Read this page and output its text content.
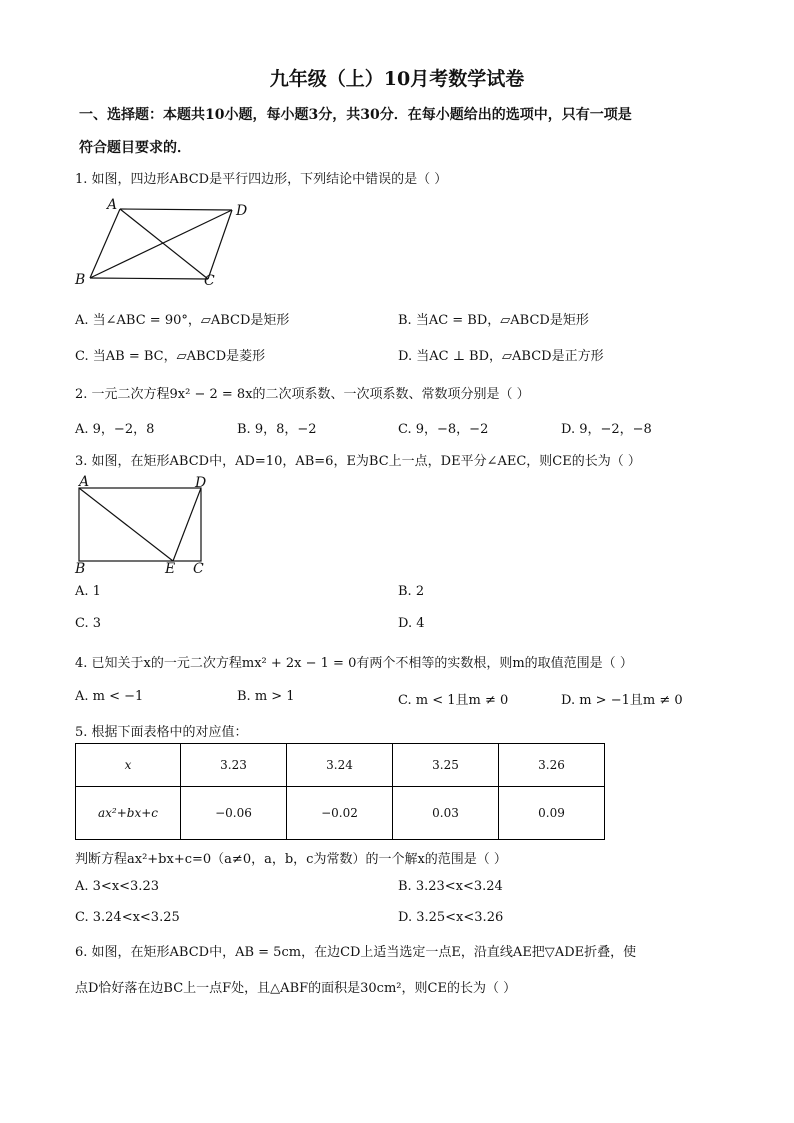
九年级（上）10月考数学试卷
一、选择题：本题共10小题，每小题3分，共30分．在每小题给出的选项中，只有一项是
符合题目要求的．
1. 如图，四边形ABCD是平行四边形，下列结论中错误的是（ ）
A	D
B	C
A. 当∠ABC = 90°，▱ABCD是矩形	B. 当AC = BD，▱ABCD是矩形
C. 当AB = BC，▱ABCD是菱形	D. 当AC ⊥ BD，▱ABCD是正方形
2. 一元二次方程9x² − 2 = 8x的二次项系数、一次项系数、常数项分别是（ ）
A. 9，−2，8	B. 9，8，−2	C. 9，−8，−2	D. 9，−2，−8
3. 如图，在矩形ABCD中，AD=10，AB=6，E为BC上一点，DE平分∠AEC，则CE的长为（ ）
A	D
B	E C
A. 1	B. 2
C. 3	D. 4
4. 已知关于x的一元二次方程mx² + 2x − 1 = 0有两个不相等的实数根，则m的取值范围是（ ）
A. m < −1	B. m > 1	C. m < 1且m ≠ 0	D. m > −1且m ≠ 0
5. 根据下面表格中的对应值：
x	3.23	3.24	3.25	3.26
ax²+bx+c	−0.06	−0.02	0.03	0.09
判断方程ax²+bx+c=0（a≠0，a，b，c为常数）的一个解x的范围是（ ）
A. 3<x<3.23	B. 3.23<x<3.24
C. 3.24<x<3.25	D. 3.25<x<3.26
6. 如图，在矩形ABCD中，AB = 5cm，在边CD上适当选定一点E，沿直线AE把▽ADE折叠，使
点D恰好落在边BC上一点F处，且△ABF的面积是30cm²，则CE的长为（ ）
